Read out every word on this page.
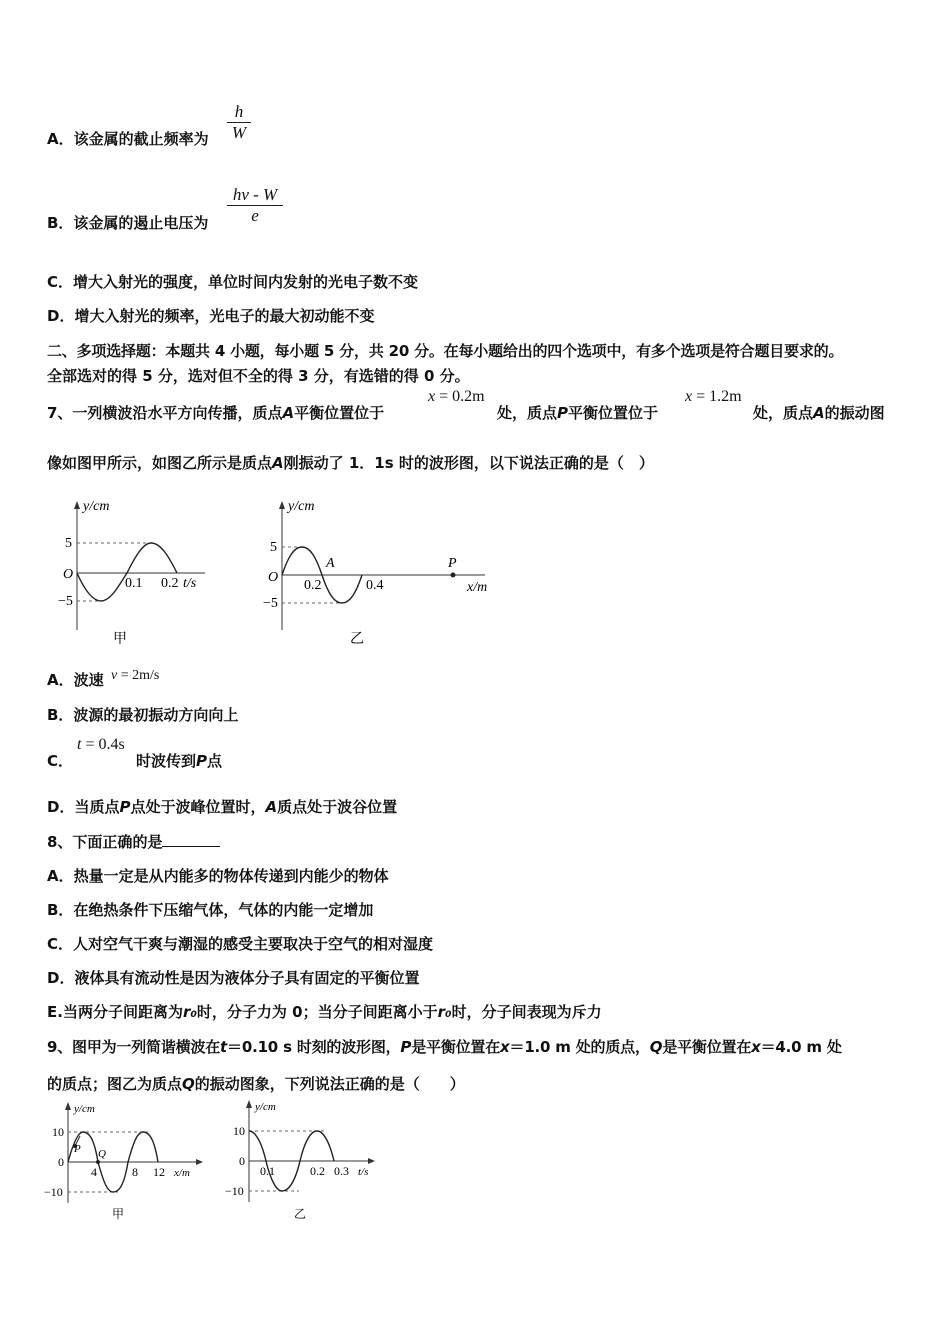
A．该金属的截止频率为 $\frac{h}{W}$
B．该金属的遏止电压为 $\frac{h\nu - W}{e}$
C．增大入射光的强度，单位时间内发射的光电子数不变
D．增大入射光的频率，光电子的最大初动能不变
二、多项选择题：本题共 4 小题，每小题 5 分，共 20 分。在每小题给出的四个选项中，有多个选项是符合题目要求的。
全部选对的得 5 分，选对但不全的得 3 分，有选错的得 0 分。
7、一列横波沿水平方向传播，质点A平衡位置位于
x = 0.2m
处，质点P平衡位置位于
x = 1.2m
处，质点A的振动图
像如图甲所示，如图乙所示是质点A刚振动了 1．1s 时的波形图，以下说法正确的是（　）
y/cm
5
−5
O
0.1 0.2 t/s
甲
y/cm
5
−5
O
A	P
0.2	0.4	x/m
乙
A．波速 v = 2m/s
B．波源的最初振动方向向上
C．
t = 0.4s
时波传到P点
D．当质点P点处于波峰位置时，A质点处于波谷位置
8、下面正确的是
A．热量一定是从内能多的物体传递到内能少的物体
B．在绝热条件下压缩气体，气体的内能一定增加
C．人对空气干爽与潮湿的感受主要取决于空气的相对湿度
D．液体具有流动性是因为液体分子具有固定的平衡位置
E.当两分子间距离为r₀时，分子力为 0；当分子间距离小于r₀时，分子间表现为斥力
9、图甲为一列简谐横波在t＝0.10 s 时刻的波形图，P是平衡位置在x＝1.0 m 处的质点，Q是平衡位置在x＝4.0 m 处
的质点；图乙为质点Q的振动图象，下列说法正确的是（　　）
y/cm
10
−10
0
P Q
4	8 12 x/m
甲
y/cm
10
−10
0
0.1	0.2 0.3 t/s
乙
